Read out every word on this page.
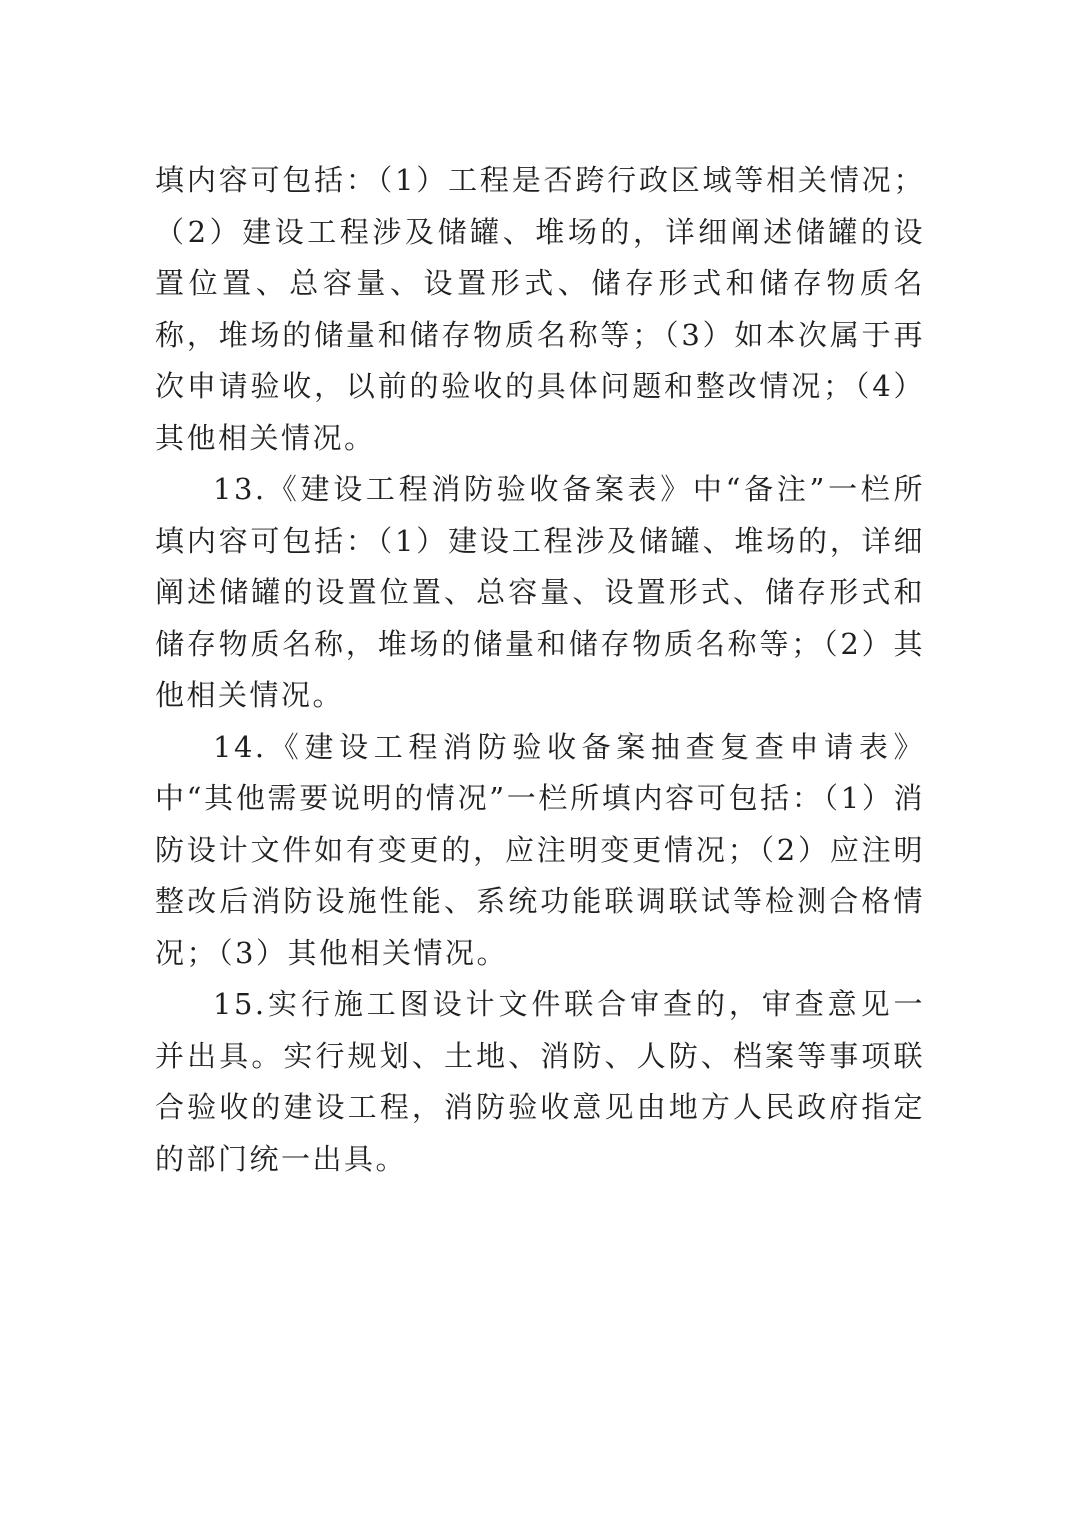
填内容可包括：（1）工程是否跨行政区域等相关情况；（2）建设工程涉及储罐、堆场的，详细阐述储罐的设置位置、总容量、设置形式、储存形式和储存物质名称，堆场的储量和储存物质名称等；（3）如本次属于再次申请验收，以前的验收的具体问题和整改情况；（4）其他相关情况。

13.《建设工程消防验收备案表》中“备注”一栏所填内容可包括：（1）建设工程涉及储罐、堆场的，详细阐述储罐的设置位置、总容量、设置形式、储存形式和储存物质名称，堆场的储量和储存物质名称等；（2）其他相关情况。

14.《建设工程消防验收备案抽查复查申请表》中“其他需要说明的情况”一栏所填内容可包括：（1）消防设计文件如有变更的，应注明变更情况；（2）应注明整改后消防设施性能、系统功能联调联试等检测合格情况；（3）其他相关情况。

15.实行施工图设计文件联合审查的，审查意见一并出具。实行规划、土地、消防、人防、档案等事项联合验收的建设工程，消防验收意见由地方人民政府指定的部门统一出具。
